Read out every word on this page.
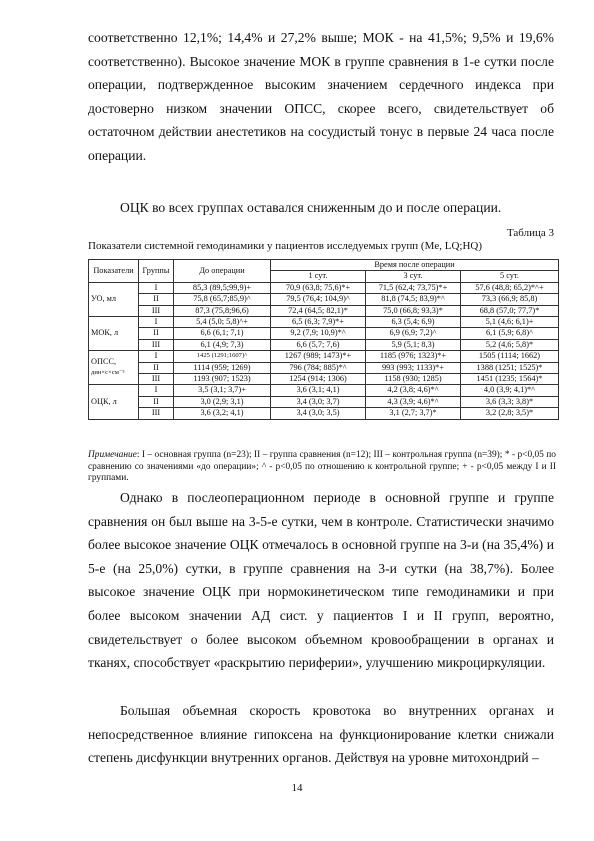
соответственно 12,1%; 14,4% и 27,2% выше; МОК - на 41,5%; 9,5% и 19,6% соответственно). Высокое значение МОК в группе сравнения в 1-е сутки после операции, подтвержденное высоким значением сердечного индекса при достоверно низком значении ОПСС, скорее всего, свидетельствует об остаточном действии анестетиков на сосудистый тонус в первые 24 часа после операции.

ОЦК во всех группах оставался сниженным до и после операции.

Таблица 3
Показатели системной гемодинамики у пациентов исследуемых групп (Me, LQ;HQ)
Показатели	Группы	До операции	Время после операции		
			1 сут.	3 сут.	5 сут.
УО, мл	I	85,3 (89,5;99,9)+	70,9 (63,8; 75,6)*+	71,5 (62,4; 73,75)*+	57,6 (48,8; 65,2)*^+
	II	75,8 (65,7;85,9)^	79,5 (76,4; 104,9)^	81,8 (74,5; 83,9)*^	73,3 (66,9; 85,8)
	III	87,3 (75,8;96,6)	72,4 (64,5; 82,1)*	75,0 (66,8; 93,3)*	68,8 (57,0; 77,7)*
МОК, л	I	5,4 (5,0; 5,8)^+	6,5 (6,3; 7,9)*+	6,3 (5,4; 6,9)	5,1 (4,6; 6,1)+
	II	6,6 (6,1; 7,1)	9,2 (7,9; 10,9)*^	6,9 (6,9; 7,2)^	6,1 (5,9; 6,8)^
	III	6,1 (4,9; 7,3)	6,6 (5,7; 7,6)	5,9 (5,1; 8,3)	5,2 (4,6; 5,8)*

ОПСС,
дин×с×см⁻⁵	I	1425 (1291;1607)^	1267 (989; 1473)*+	1185 (976; 1323)*+	1505 (1114; 1662)
	II	1114 (959; 1269)	796 (784; 885)*^	993 (993; 1133)*+	1388 (1251; 1525)*
	III	1193 (907; 1523)	1254 (914; 1306)	1158 (930; 1285)	1451 (1235; 1564)*
ОЦК, л	I	3,5 (3,1; 3,7)+	3,6 (3,1; 4,1)	4,2 (3,8; 4,6)*^	4,0 (3,9; 4,1)*^
	II	3,0 (2,9; 3,1)	3,4 (3,0; 3,7)	4,3 (3,9; 4,6)*^	3,6 (3,3; 3,8)*
	III	3,6 (3,2; 4,1)	3,4 (3,0; 3,5)	3,1 (2,7; 3,7)*	3,2 (2,8; 3,5)*

Примечание: I – основная группа (n=23); II – группа сравнения (n=12); III – контрольная группа (n=39); * - p<0,05 по сравнению со значениями «до операции»; ^ - p<0,05 по отношению к контрольной группе; + - p<0,05 между I и II группами.

Однако в послеоперационном периоде в основной группе и группе сравнения он был выше на 3-5-е сутки, чем в контроле. Статистически значимо более высокое значение ОЦК отмечалось в основной группе на 3-и (на 35,4%) и 5-е (на 25,0%) сутки, в группе сравнения на 3-и сутки (на 38,7%). Более высокое значение ОЦК при нормокинетическом типе гемодинамики и при более высоком значении АД сист. у пациентов I и II групп, вероятно, свидетельствует о более высоком объемном кровообращении в органах и тканях, способствует «раскрытию периферии», улучшению микроциркуляции.

Большая объемная скорость кровотока во внутренних органах и непосредственное влияние гипоксена на функционирование клетки снижали степень дисфункции внутренних органов. Действуя на уровне митохондрий –

14
